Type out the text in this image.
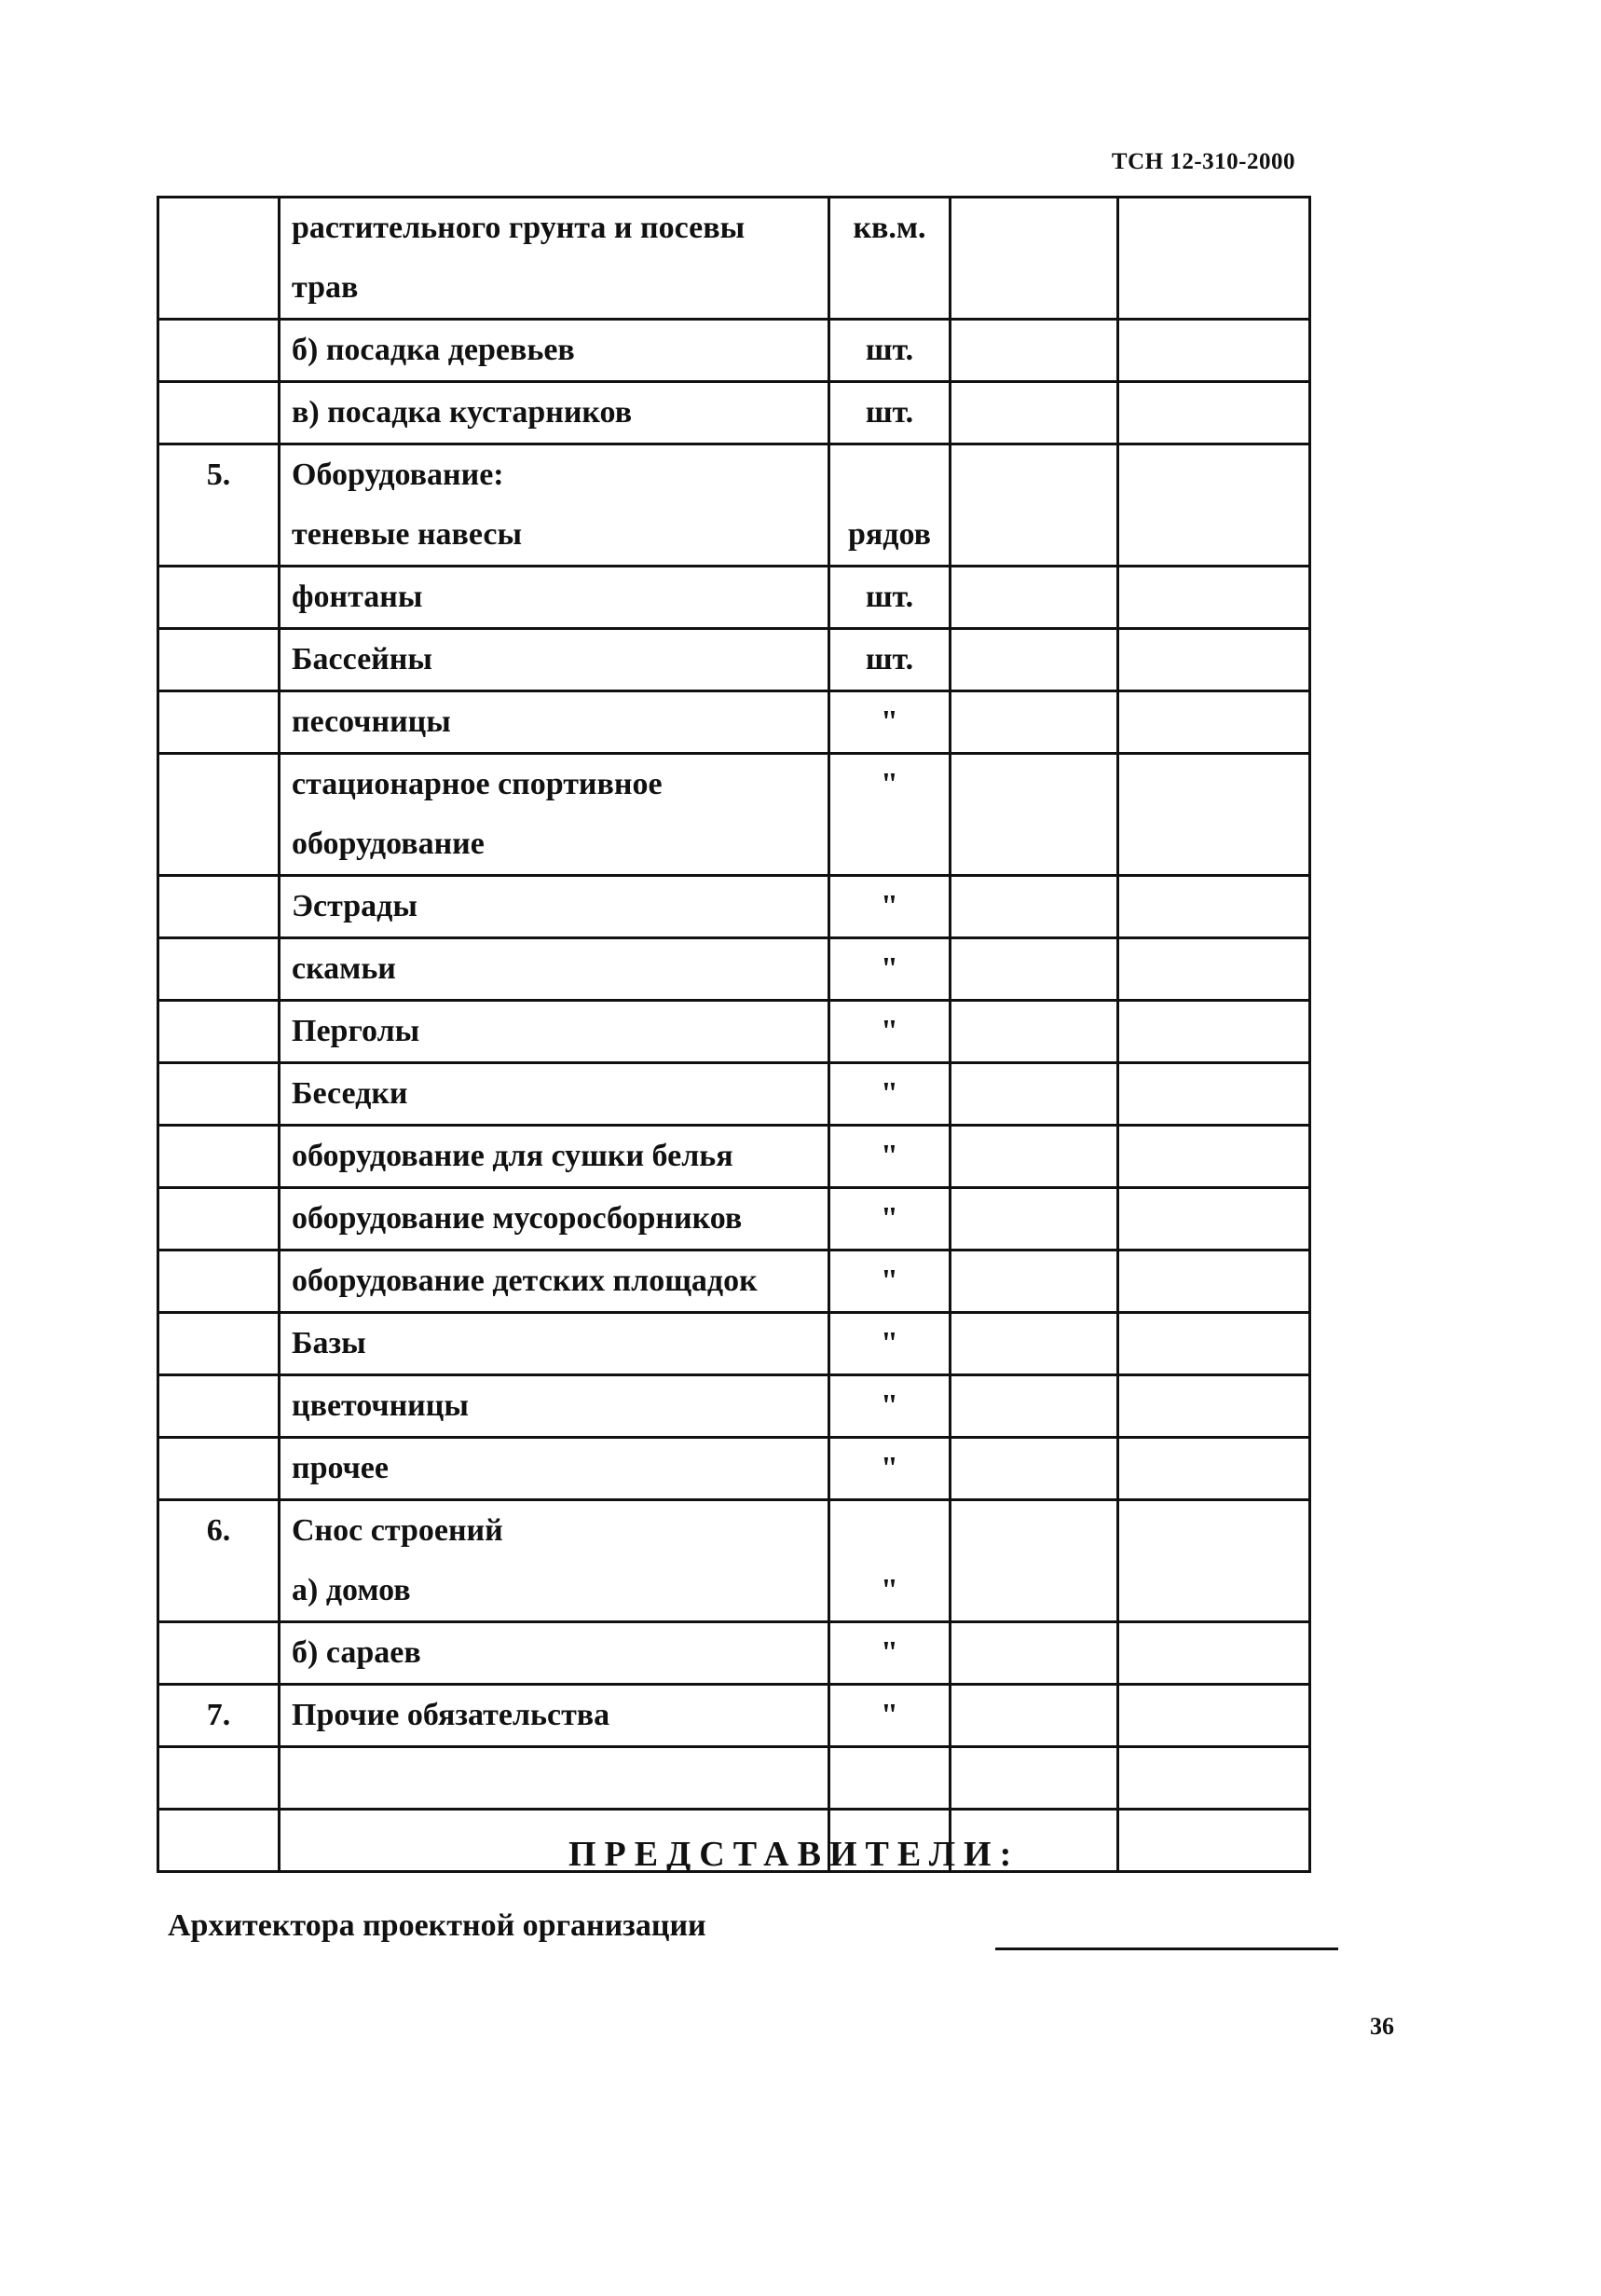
ТСН 12-310-2000

	растительного грунта и посевы
трав	кв.м.		

	б) посадка деревьев	шт.		

	в) посадка кустарников	шт.		

5.	Оборудование:
теневые навесы	рядов		

	фонтаны	шт.		

	Бассейны	шт.		

	песочницы	"		

	стационарное спортивное
оборудование	"		

	Эстрады	"		

	скамьи	"		

	Перголы	"		

	Беседки	"		

	оборудование для сушки белья	"		

	оборудование мусоросборников	"		

	оборудование детских площадок	"		

	Базы	"		

	цветочницы	"		

	прочее	"		

6.	Снос строений
а) домов	"		

	б) сараев	"		

7.	Прочие обязательства	"		

ПРЕДСТАВИТЕЛИ:
Архитектора проектной организации
36
